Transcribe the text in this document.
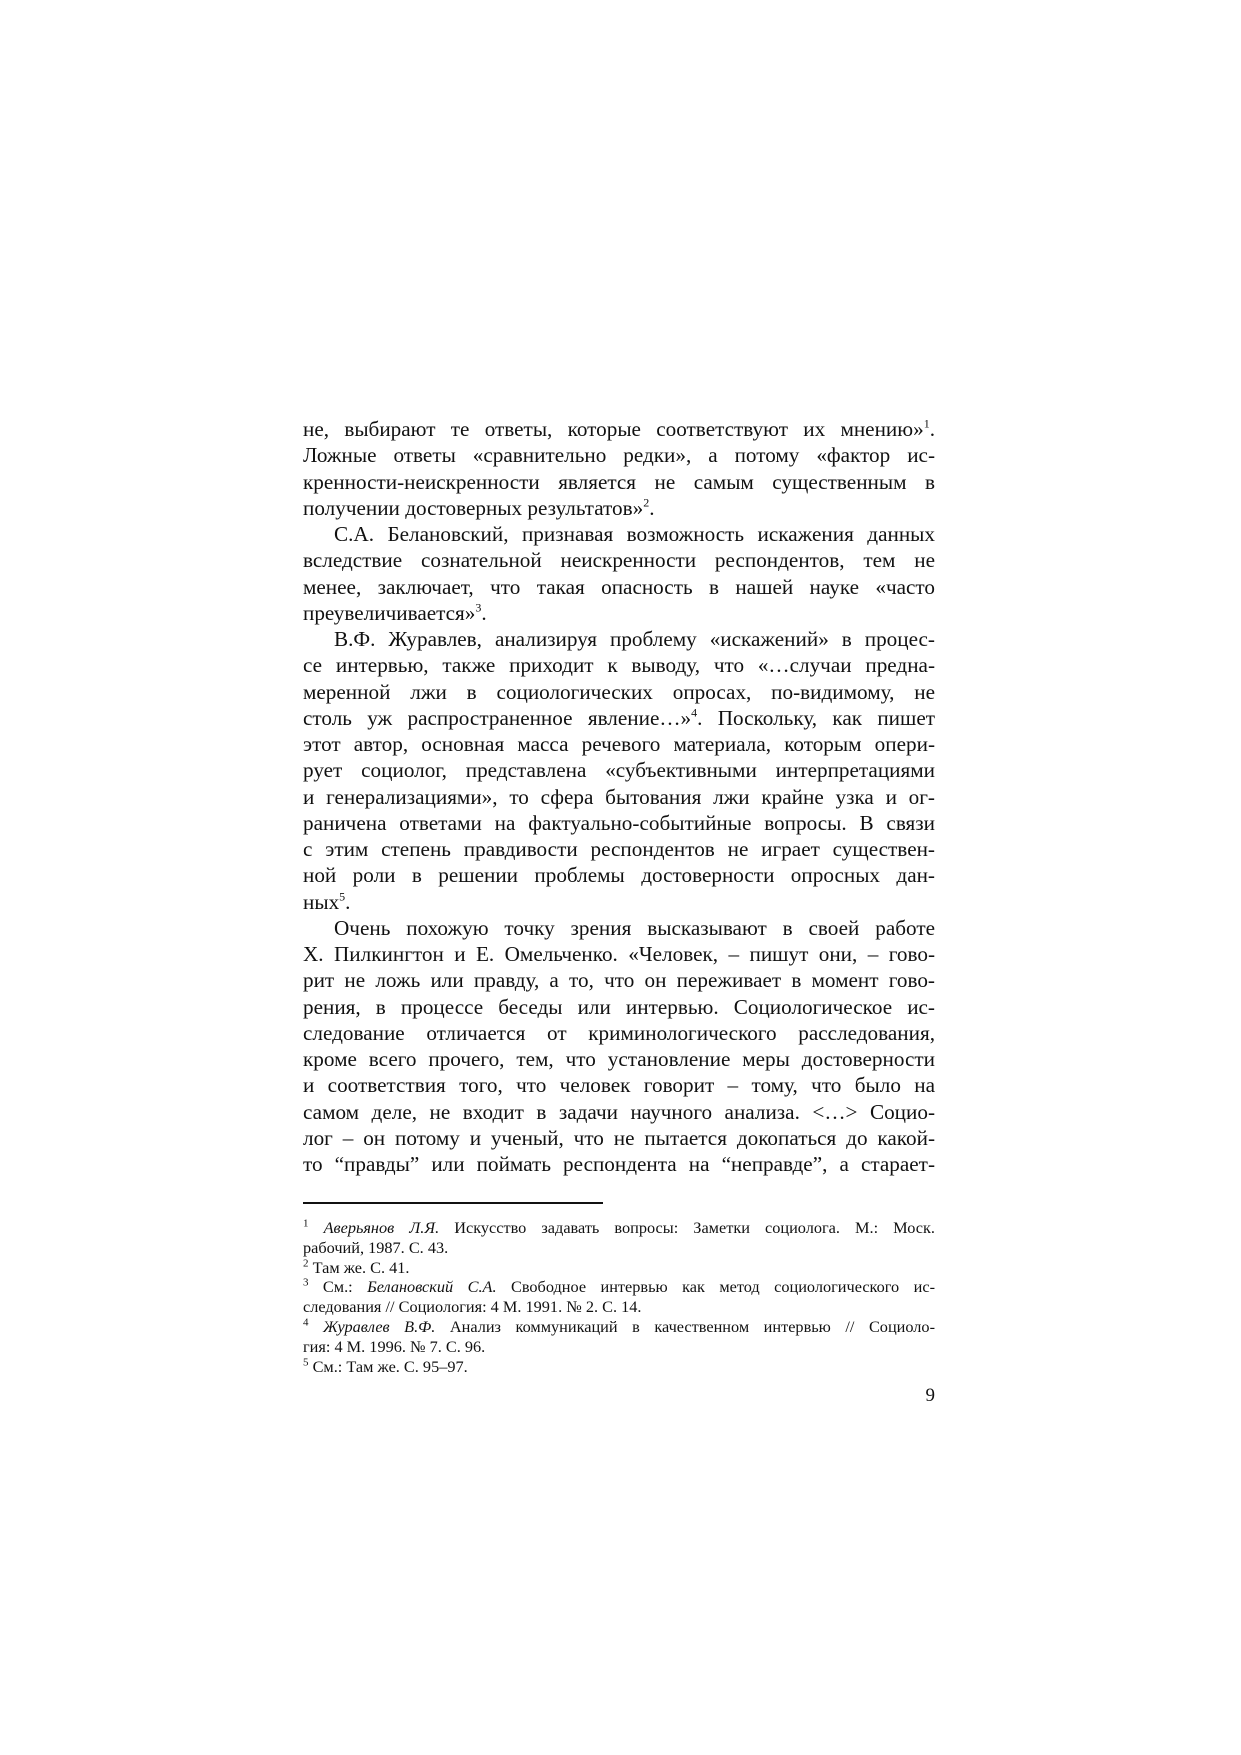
не, выбирают те ответы, которые соответствуют их мнению»$^1$.
Ложные ответы «сравнительно редки», а потому «фактор ис-
кренности-неискренности является не самым существенным в
получении достоверных результатов»$^2$.
С.А. Белановский, признавая возможность искажения данных
вследствие сознательной неискренности респондентов, тем не
менее, заключает, что такая опасность в нашей науке «часто
преувеличивается»$^3$.
В.Ф. Журавлев, анализируя проблему «искажений» в процес-
се интервью, также приходит к выводу, что «…случаи предна-
меренной лжи в социологических опросах, по-видимому, не
столь уж распространенное явление…»$^4$. Поскольку, как пишет
этот автор, основная масса речевого материала, которым опери-
рует социолог, представлена «субъективными интерпретациями
и генерализациями», то сфера бытования лжи крайне узка и ог-
раничена ответами на фактуально-событийные вопросы. В связи
с этим степень правдивости респондентов не играет существен-
ной роли в решении проблемы достоверности опросных дан-
ных$^5$.
Очень похожую точку зрения высказывают в своей работе
Х. Пилкингтон и Е. Омельченко. «Человек, – пишут они, – гово-
рит не ложь или правду, а то, что он переживает в момент гово-
рения, в процессе беседы или интервью. Социологическое ис-
следование отличается от криминологического расследования,
кроме всего прочего, тем, что установление меры достоверности
и соответствия того, что человек говорит – тому, что было на
самом деле, не входит в задачи научного анализа. <…> Социо-
лог – он потому и ученый, что не пытается докопаться до какой-
то “правды” или поймать респондента на “неправде”, а старает-
$^1$ Аверьянов Л.Я. Искусство задавать вопросы: Заметки социолога. М.: Моск.
рабочий, 1987. С. 43.
$^2$ Там же. С. 41.
$^3$ См.: Белановский С.А. Свободное интервью как метод социологического ис-
следования // Социология: 4 М. 1991. № 2. С. 14.
$^4$ Журавлев В.Ф. Анализ коммуникаций в качественном интервью // Социоло-
гия: 4 М. 1996. № 7. С. 96.
$^5$ См.: Там же. С. 95–97.
9
